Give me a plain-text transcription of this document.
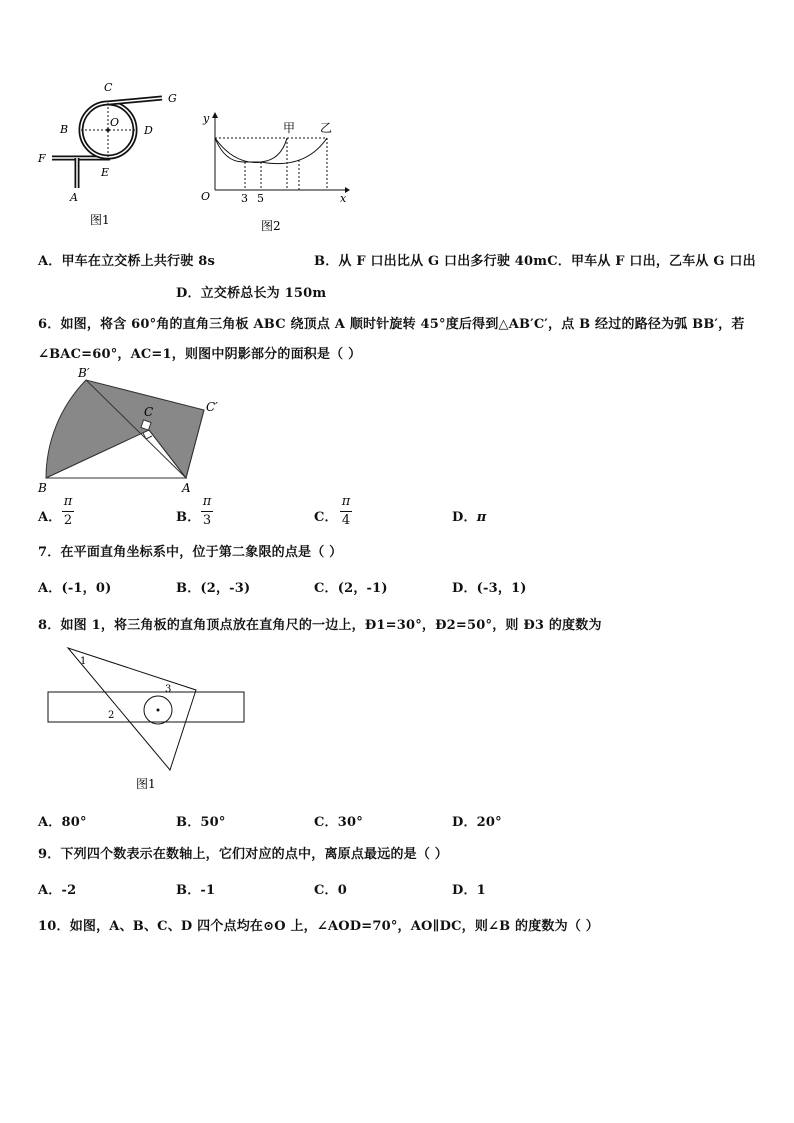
C
G
O
B	D
F
E
A
图1
y
x
O
甲 乙
3 5
图2
A．甲车在立交桥上共行驶 8s	B．从 F 口出比从 G 口出多行驶 40mC．甲车从 F 口出，乙车从 G 口出
D．立交桥总长为 150m
6．如图，将含 60°角的直角三角板 ABC 绕顶点 A 顺时针旋转 45°度后得到△AB′C′，点 B 经过的路径为弧 BB′，若
∠BAC=60°，AC=1，则图中阴影部分的面积是（ ）
B	A
C
B′
C′
A．
π
2	B．
π
3	C．
π
4	D．π
7．在平面直角坐标系中，位于第二象限的点是（ ）
A．(-1，0)	B．(2，-3)	C．(2，-1)	D．(-3，1)
8．如图 1，将三角板的直角顶点放在直角尺的一边上，Ð1=30°，Ð2=50°，则 Ð3 的度数为
1
2
3
图1
A．80°	B．50°	C．30°	D．20°
9．下列四个数表示在数轴上，它们对应的点中，离原点最远的是（ ）
A．-2	B．-1	C．0	D．1
10．如图，A、B、C、D 四个点均在⊙O 上，∠AOD=70°，AO∥DC，则∠B 的度数为（ ）
